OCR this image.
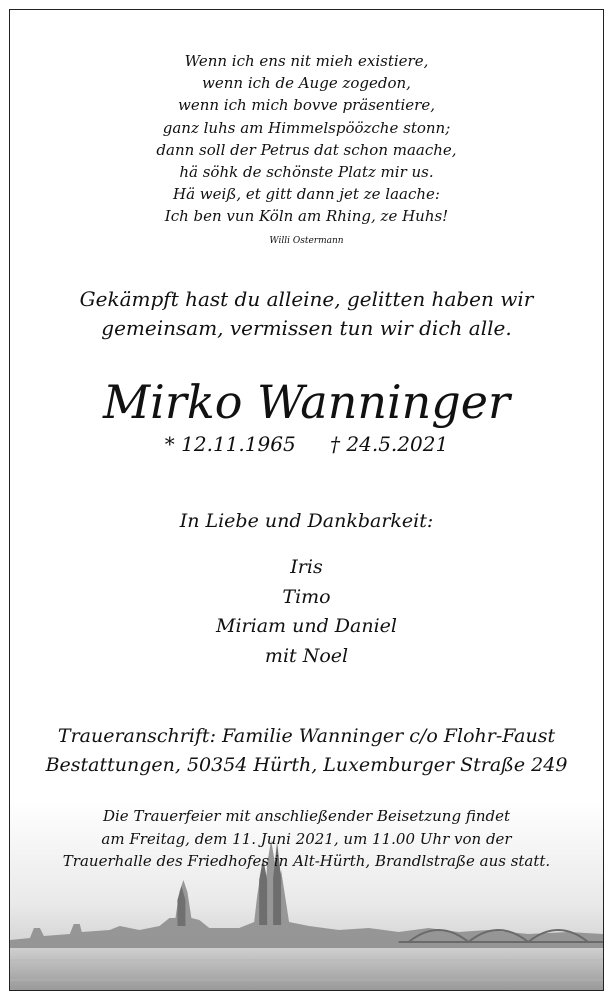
Wenn ich ens nit mieh existiere,
wenn ich de Auge zogedon,
wenn ich mich bovve präsentiere,
ganz luhs am Himmelspöözche stonn;
dann soll der Petrus dat schon maache,
hä söhk de schönste Platz mir us.
Hä weiß, et gitt dann jet ze laache:
Ich ben vun Köln am Rhing, ze Huhs!
Willi Ostermann
Gekämpft hast du alleine, gelitten haben wir
gemeinsam, vermissen tun wir dich alle.
Mirko Wanninger
* 12.11.1965 † 24.5.2021
In Liebe und Dankbarkeit:
Iris
Timo
Miriam und Daniel
mit Noel
Traueranschrift: Familie Wanninger c/o Flohr-Faust
Bestattungen, 50354 Hürth, Luxemburger Straße 249
Die Trauerfeier mit anschließender Beisetzung findet
am Freitag, dem 11. Juni 2021, um 11.00 Uhr von der
Trauerhalle des Friedhofes in Alt-Hürth, Brandlstraße aus statt.
